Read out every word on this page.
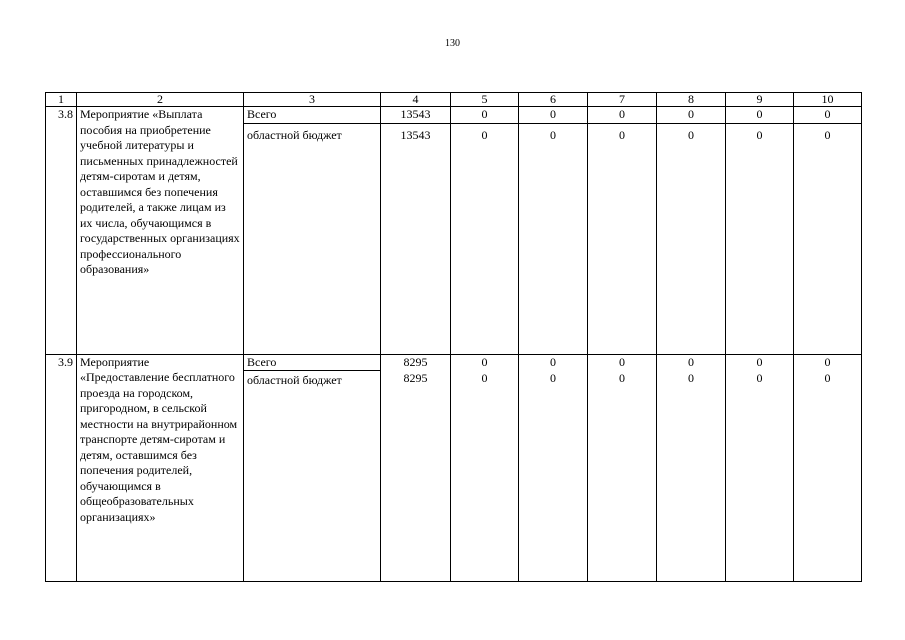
130
1	2	3	4	5	6	7	8	9	10
3.8	Мероприятие «Выплата пособия на приобретение учебной литературы и письменных принадлежностей детям-сиротам и детям, оставшимся без попечения родителей, а также лицам из их числа, обучающимся в государственных организациях профессионального образования»	Всего	13543	0	0	0	0	0	0
		областной бюджет	13543	0	0	0	0	0	0
3.9	Мероприятие «Предоставление бесплатного проезда на городском, пригородном, в сельской местности на внутрирайонном транспорте детям-сиротам и детям, оставшимся без попечения родителей, обучающимся в общеобразовательных организациях»	Всего	8295	0	0	0	0	0	0
		областной бюджет	8295	0	0	0	0	0	0
